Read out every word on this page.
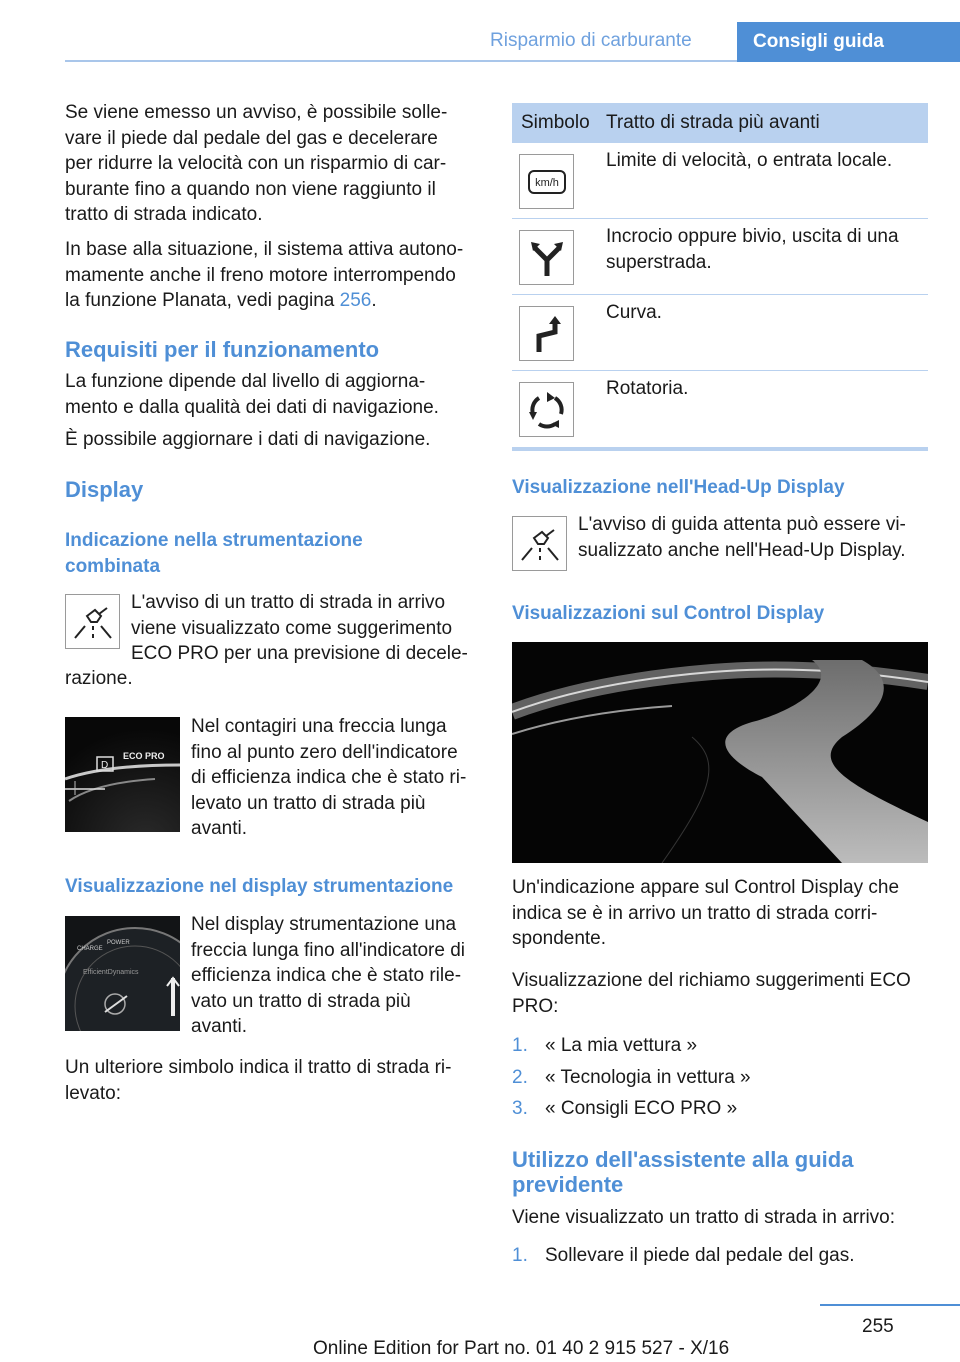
Risparmio di carburante	Consigli guida

Se viene emesso un avviso, è possibile solle-
vare il piede dal pedale del gas e decelerare
per ridurre la velocità con un risparmio di car-
burante fino a quando non viene raggiunto il
tratto di strada indicato.

In base alla situazione, il sistema attiva autono-
mamente anche il freno motore interrompendo
la funzione Planata, vedi pagina 256.

Requisiti per il funzionamento

La funzione dipende dal livello di aggiorna-
mento e dalla qualità dei dati di navigazione.

È possibile aggiornare i dati di navigazione.

Display
Indicazione nella strumentazione
combinata

L'avviso di un tratto di strada in arrivo
viene visualizzato come suggerimento
ECO PRO per una previsione di decele-

razione.

D
ECO PRO

Nel contagiri una freccia lunga
fino al punto zero dell'indicatore
di efficienza indica che è stato ri-
levato un tratto di strada più
avanti.

Visualizzazione nel display strumentazione
CHARGE
POWER
EfficientDynamics

Nel display strumentazione una
freccia lunga fino all'indicatore di
efficienza indica che è stato rile-
vato un tratto di strada più
avanti.

Un ulteriore simbolo indica il tratto di strada ri-
levato:

Simbolo Tratto di strada più avanti
km/h
Limite di velocità, o entrata locale.
Incrocio oppure bivio, uscita di una
superstrada.
Curva.
Rotatoria.
Visualizzazione nell'Head-Up Display

L'avviso di guida attenta può essere vi-
sualizzato anche nell'Head-Up Display.

Visualizzazioni sul Control Display

Un'indicazione appare sul Control Display che
indica se è in arrivo un tratto di strada corri-
spondente.

Visualizzazione del richiamo suggerimenti ECO
PRO:

1. « La mia vettura »
2. « Tecnologia in vettura »
3. « Consigli ECO PRO »
Utilizzo dell'assistente alla guida
previdente

Viene visualizzato un tratto di strada in arrivo:

1. Sollevare il piede dal pedale del gas.
255
Online Edition for Part no. 01 40 2 915 527 - X/16
